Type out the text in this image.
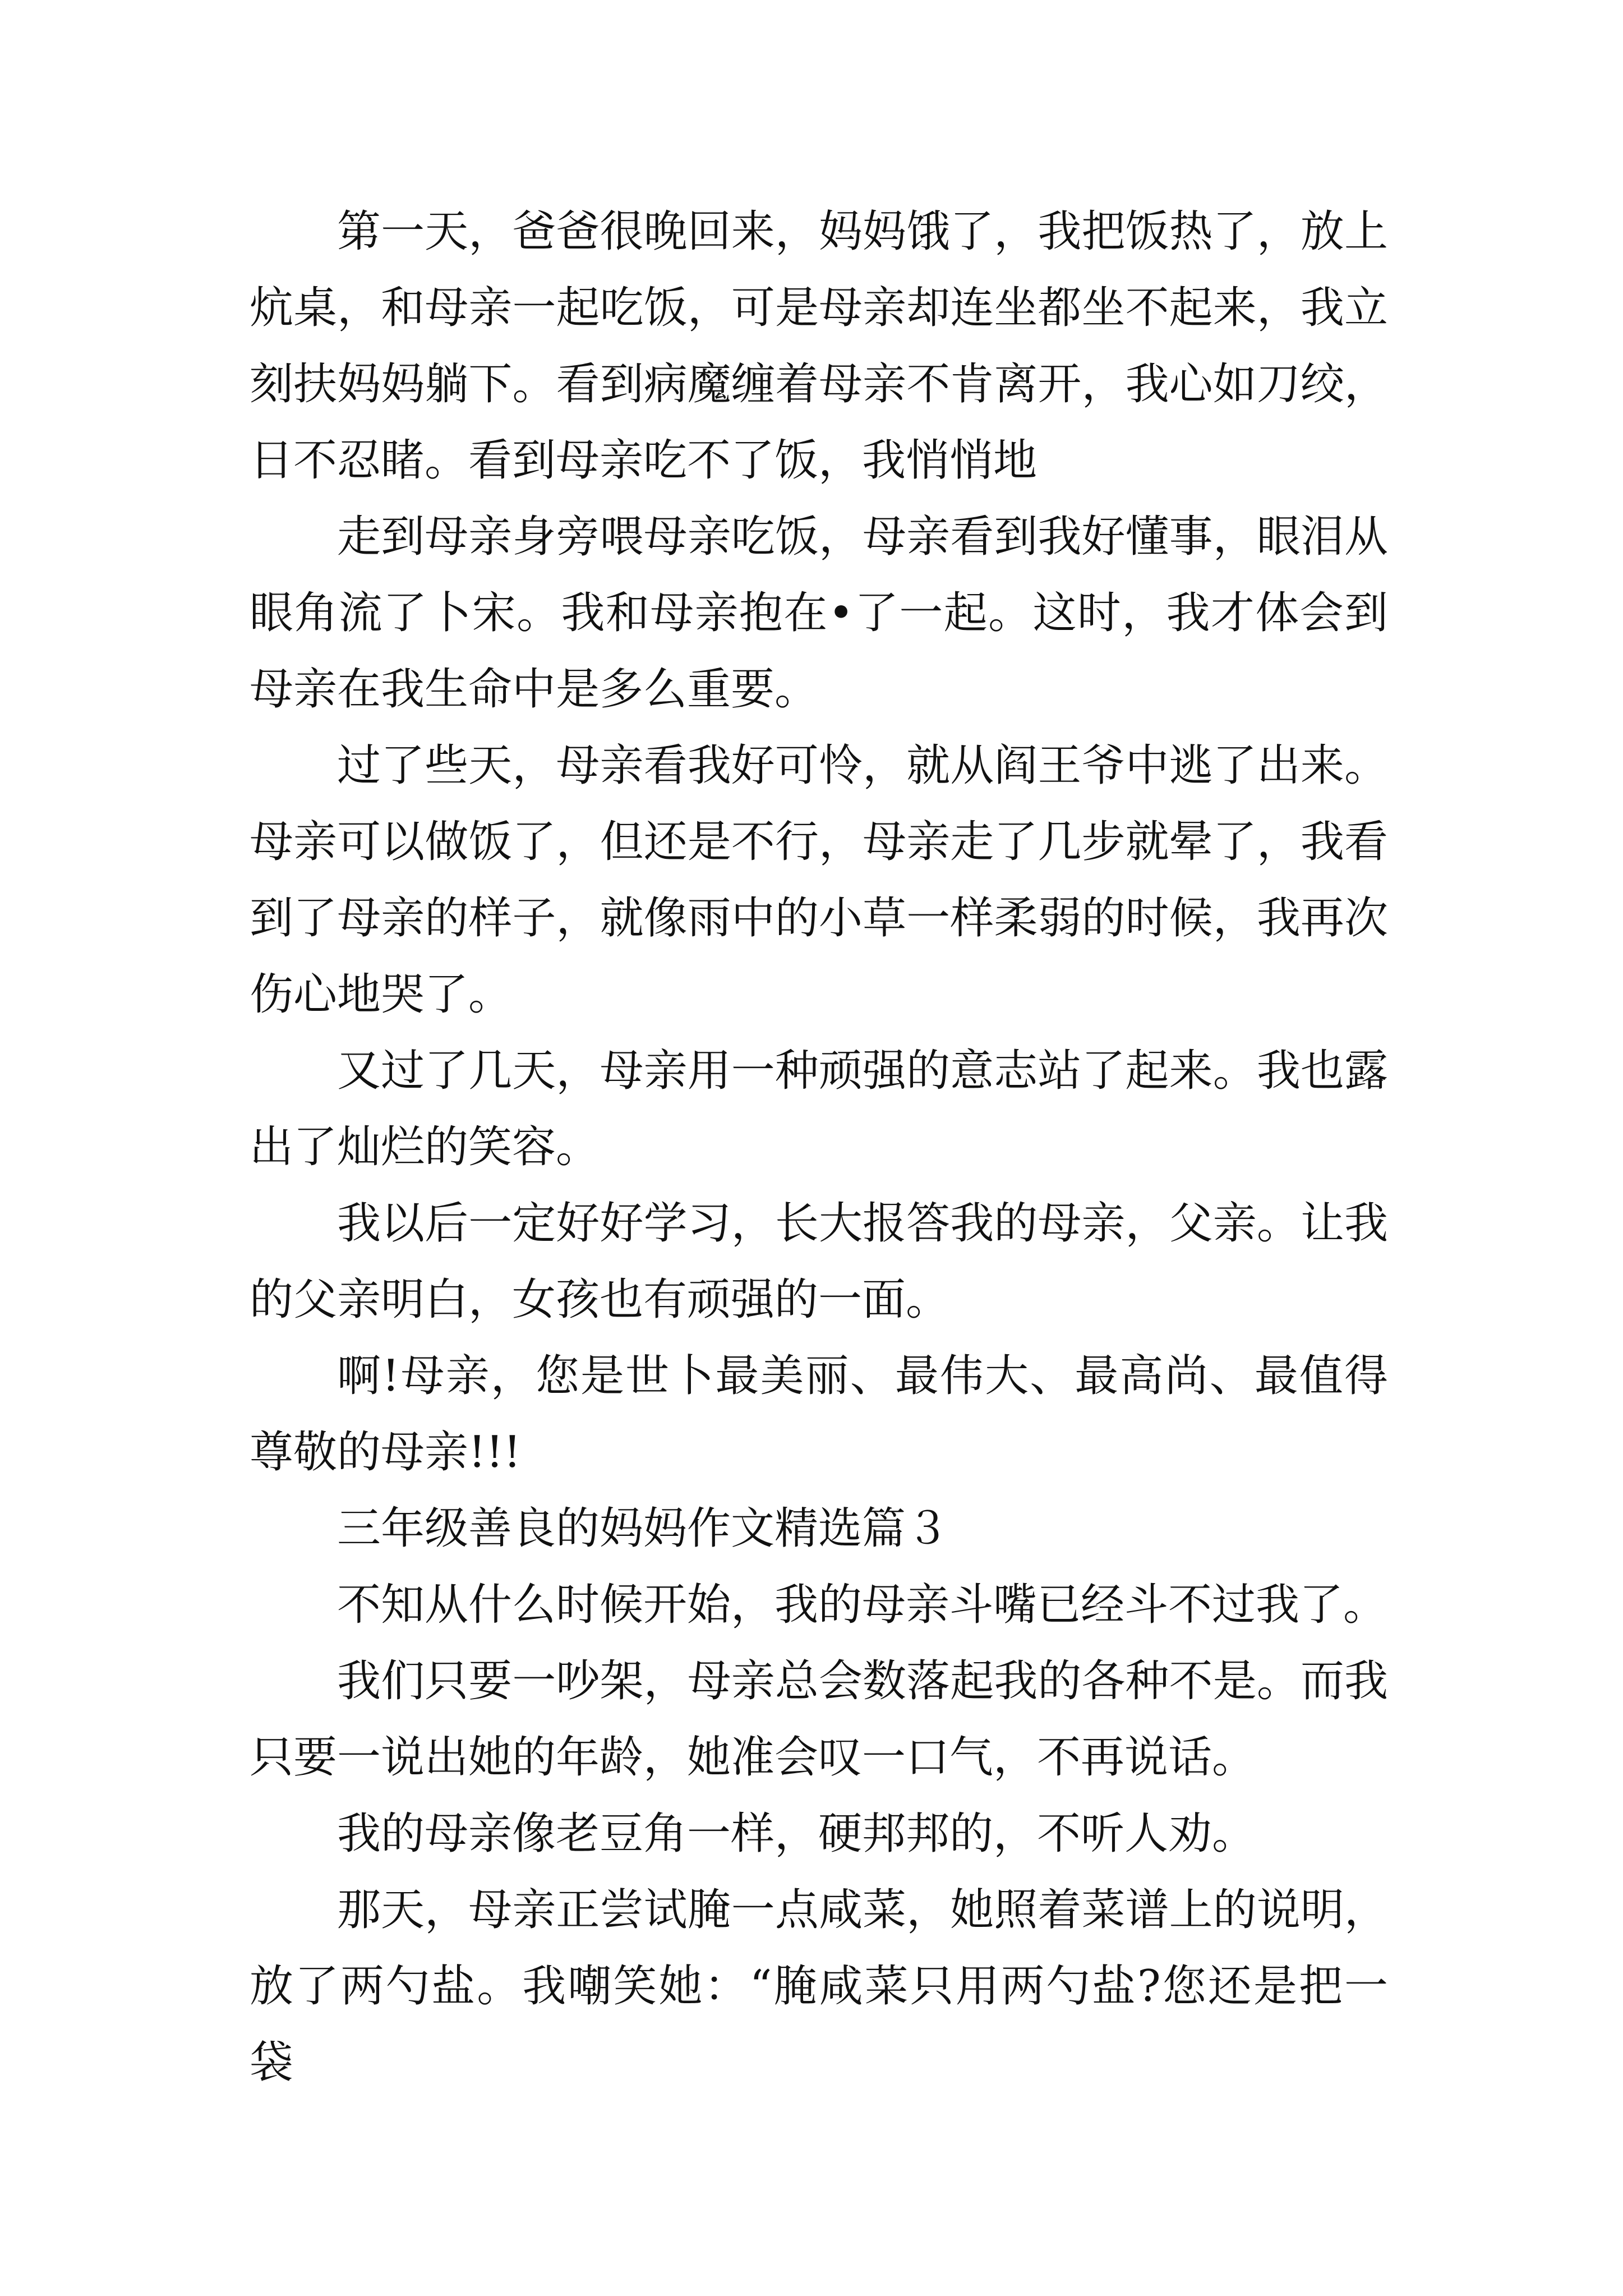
第一天，爸爸很晚回来，妈妈饿了，我把饭热了，放上炕桌，和母亲一起吃饭，可是母亲却连坐都坐不起来，我立刻扶妈妈躺下。看到病魔缠着母亲不肯离开，我心如刀绞，日不忍睹。看到母亲吃不了饭，我悄悄地

走到母亲身旁喂母亲吃饭，母亲看到我好懂事，眼泪从眼角流了卜宋。我和母亲抱在•了一起。这时，我才体会到母亲在我生命中是多么重要。

过了些天，母亲看我好可怜，就从阎王爷中逃了出来。母亲可以做饭了，但还是不行，母亲走了几步就晕了，我看到了母亲的样子，就像雨中的小草一样柔弱的时候，我再次伤心地哭了。

又过了几天，母亲用一种顽强的意志站了起来。我也露出了灿烂的笑容。

我以后一定好好学习，长大报答我的母亲，父亲。让我的父亲明白，女孩也有顽强的一面。

啊!母亲，您是世卜最美丽、最伟大、最高尚、最值得尊敬的母亲!!!

三年级善良的妈妈作文精选篇３

不知从什么时候开始，我的母亲斗嘴已经斗不过我了。

我们只要一吵架，母亲总会数落起我的各种不是。而我只要一说出她的年龄，她准会叹一口气，不再说话。

我的母亲像老豆角一样，硬邦邦的，不听人劝。

那天，母亲正尝试腌一点咸菜，她照着菜谱上的说明，放了两勺盐。我嘲笑她：“腌咸菜只用两勺盐?您还是把一袋
